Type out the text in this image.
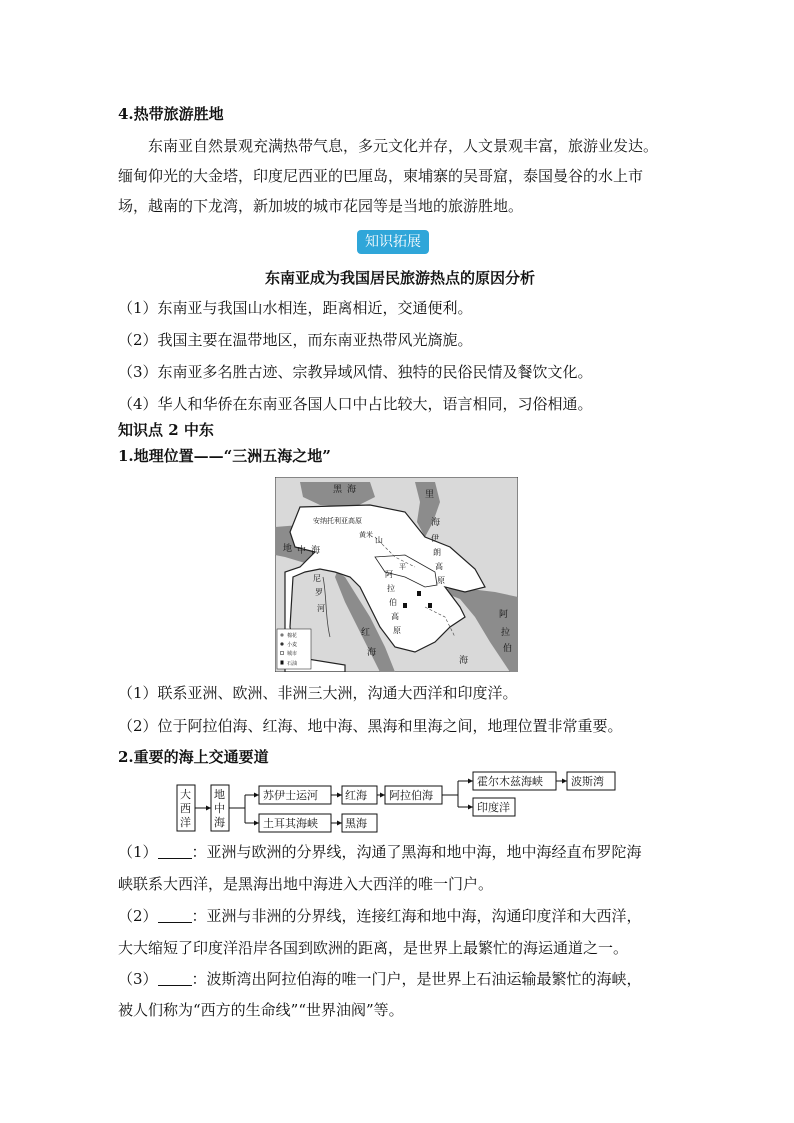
4.热带旅游胜地
东南亚自然景观充满热带气息，多元文化并存，人文景观丰富，旅游业发达。
缅甸仰光的大金塔，印度尼西亚的巴厘岛，柬埔寨的吴哥窟，泰国曼谷的水上市
场，越南的下龙湾，新加坡的城市花园等是当地的旅游胜地。
知识拓展
东南亚成为我国居民旅游热点的原因分析
（1）东南亚与我国山水相连，距离相近，交通便利。
（2）我国主要在温带地区，而东南亚热带风光旖旎。
（3）东南亚多名胜古迹、宗教异域风情、独特的民俗民情及餐饮文化。
（4）华人和华侨在东南亚各国人口中占比较大，语言相同，习俗相通。
知识点 2 中东
1.地理位置——“三洲五海之地”
黑 海	里
海
安纳托利亚高原
地 中 海
黄米
山	伊
朗
高
原
尼
罗
河
阿
拉
伯
高
原
红
海
阿
拉
伯
海
平
棉花
小麦
城市
石油
（1）联系亚洲、欧洲、非洲三大洲，沟通大西洋和印度洋。
（2）位于阿拉伯海、红海、地中海、黑海和里海之间，地理位置非常重要。
2.重要的海上交通要道
大
西
洋
地
中
海
苏伊士运河 红海 阿拉伯海
霍尔木兹海峡	波斯湾
印度洋
土耳其海峡 黑海
（1） ：亚洲与欧洲的分界线，沟通了黑海和地中海，地中海经直布罗陀海
峡联系大西洋，是黑海出地中海进入大西洋的唯一门户。
（2） ：亚洲与非洲的分界线，连接红海和地中海，沟通印度洋和大西洋，
大大缩短了印度洋沿岸各国到欧洲的距离，是世界上最繁忙的海运通道之一。
（3） ：波斯湾出阿拉伯海的唯一门户，是世界上石油运输最繁忙的海峡，
被人们称为“西方的生命线”“世界油阀”等。
